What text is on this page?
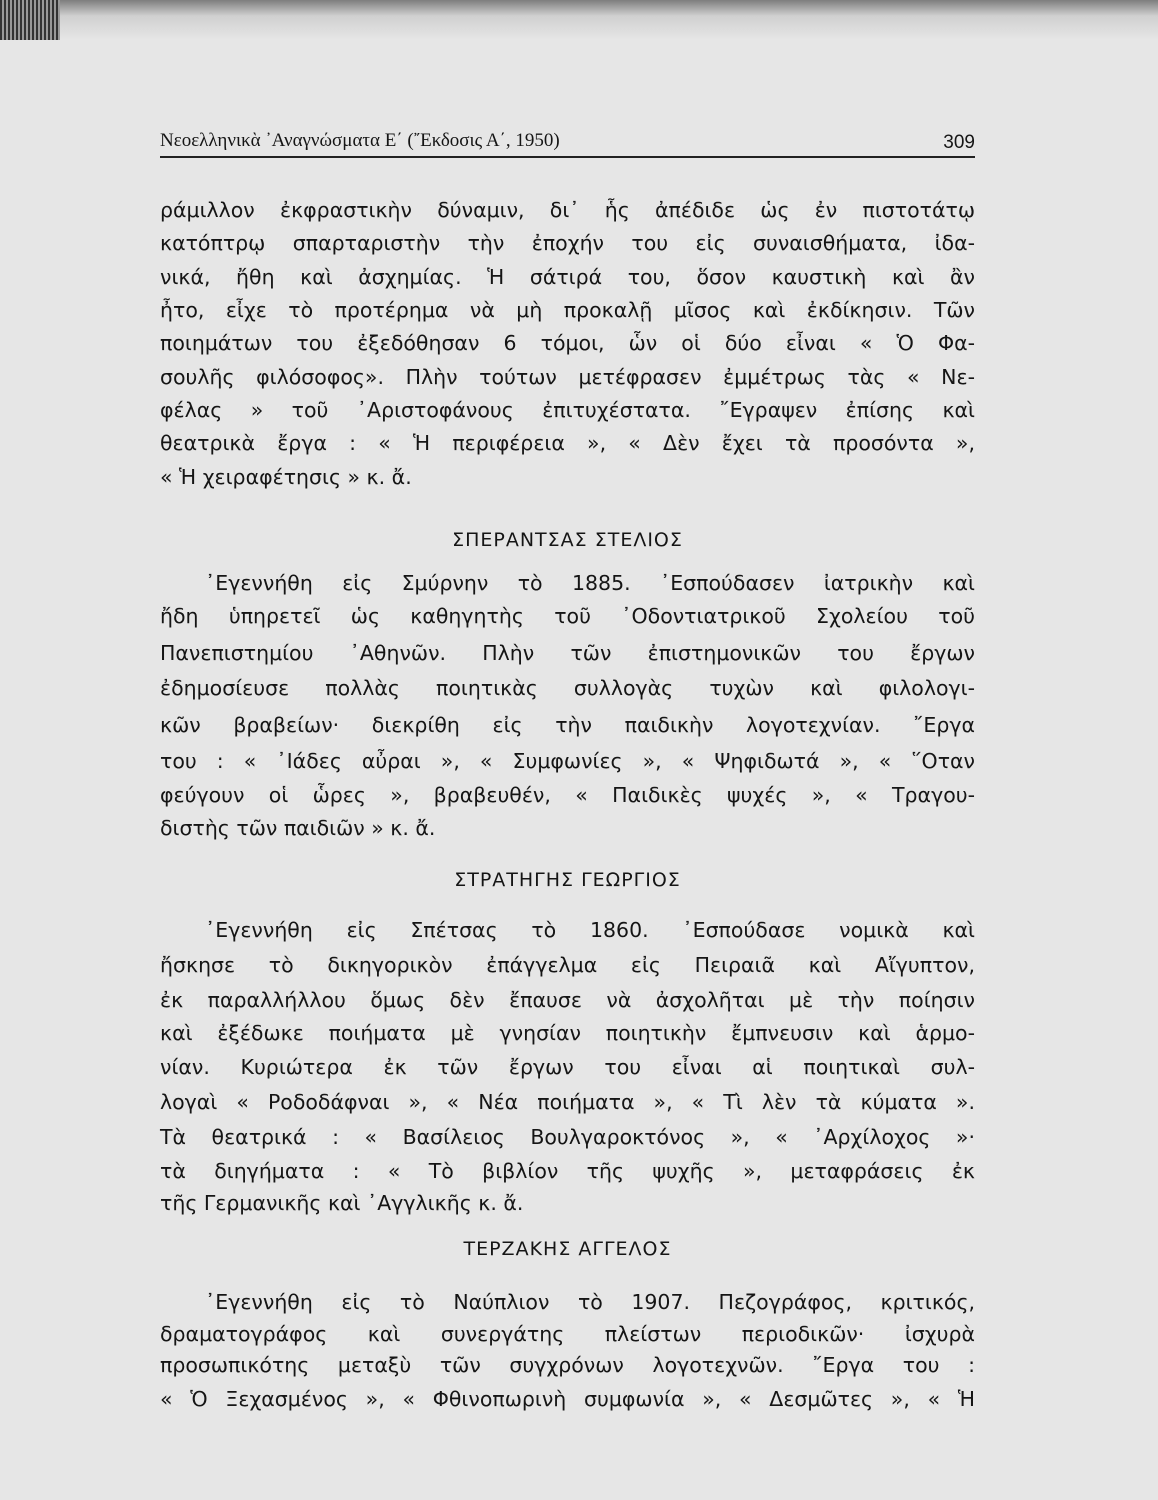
Νεοελληνικὰ ᾿Αναγνώσματα Ε΄ (῎Εκδοσις Α΄, 1950)	309
ράμιλλον ἐκφραστικὴν δύναμιν, δι᾿ ἧς ἀπέδιδε ὡς ἐν πιστοτάτῳ
κατόπτρῳ σπαρταριστὴν τὴν ἐποχήν του εἰς συναισθήματα, ἰδα-
νικά, ἤθη καὶ ἀσχημίας. Ἡ σάτιρά του, ὅσον καυστικὴ καὶ ἂν
ἦτο, εἶχε τὸ προτέρημα νὰ μὴ προκαλῇ μῖσος καὶ ἐκδίκησιν. Τῶν
ποιημάτων του ἐξεδόθησαν 6 τόμοι, ὧν οἱ δύο εἶναι « Ὁ Φα-
σουλῆς φιλόσοφος». Πλὴν τούτων μετέφρασεν ἐμμέτρως τὰς « Νε-
φέλας » τοῦ ᾿Αριστοφάνους ἐπιτυχέστατα. ῎Εγραψεν ἐπίσης καὶ
θεατρικὰ ἔργα : « Ἡ περιφέρεια », « Δὲν ἔχει τὰ προσόντα »,
« Ἡ χειραφέτησις » κ. ἄ.
ΣΠΕΡΑΝΤΣΑΣ ΣΤΕΛΙΟΣ
᾿Εγεννήθη εἰς Σμύρνην τὸ 1885. ᾿Εσπούδασεν ἰατρικὴν καὶ
ἤδη ὑπηρετεῖ ὡς καθηγητὴς τοῦ ᾿Οδοντιατρικοῦ Σχολείου τοῦ
Πανεπιστημίου ᾿Αθηνῶν. Πλὴν τῶν ἐπιστημονικῶν του ἔργων
ἐδημοσίευσε πολλὰς ποιητικὰς συλλογὰς τυχὼν καὶ φιλολογι-
κῶν βραβείων· διεκρίθη εἰς τὴν παιδικὴν λογοτεχνίαν. ῎Εργα
του : « ᾿Ιάδες αὖραι », « Συμφωνίες », « Ψηφιδωτά », « ῞Οταν
φεύγουν οἱ ὧρες », βραβευθέν, « Παιδικὲς ψυχές », « Τραγου-
διστὴς τῶν παιδιῶν » κ. ἄ.
ΣΤΡΑΤΗΓΗΣ ΓΕΩΡΓΙΟΣ
᾿Εγεννήθη εἰς Σπέτσας τὸ 1860. ᾿Εσπούδασε νομικὰ καὶ
ἤσκησε τὸ δικηγορικὸν ἐπάγγελμα εἰς Πειραιᾶ καὶ Αἴγυπτον,
ἐκ παραλλήλλου ὅμως δὲν ἔπαυσε νὰ ἀσχολῆται μὲ τὴν ποίησιν
καὶ ἐξέδωκε ποιήματα μὲ γνησίαν ποιητικὴν ἔμπνευσιν καὶ ἁρμο-
νίαν. Κυριώτερα ἐκ τῶν ἔργων του εἶναι αἱ ποιητικαὶ συλ-
λογαὶ « Ροδοδάφναι », « Νέα ποιήματα », « Τὶ λὲν τὰ κύματα ».
Τὰ θεατρικά : « Βασίλειος Βουλγαροκτόνος », « ᾿Αρχίλοχος »·
τὰ διηγήματα : « Τὸ βιβλίον τῆς ψυχῆς », μεταφράσεις ἐκ
τῆς Γερμανικῆς καὶ ᾿Αγγλικῆς κ. ἄ.
ΤΕΡΖΑΚΗΣ ΑΓΓΕΛΟΣ
᾿Εγεννήθη εἰς τὸ Ναύπλιον τὸ 1907. Πεζογράφος, κριτικός,
δραματογράφος καὶ συνεργάτης πλείστων περιοδικῶν· ἰσχυρὰ
προσωπικότης μεταξὺ τῶν συγχρόνων λογοτεχνῶν. ῎Εργα του :
« Ὁ Ξεχασμένος », « Φθινοπωρινὴ συμφωνία », « Δεσμῶτες », « Ἡ
